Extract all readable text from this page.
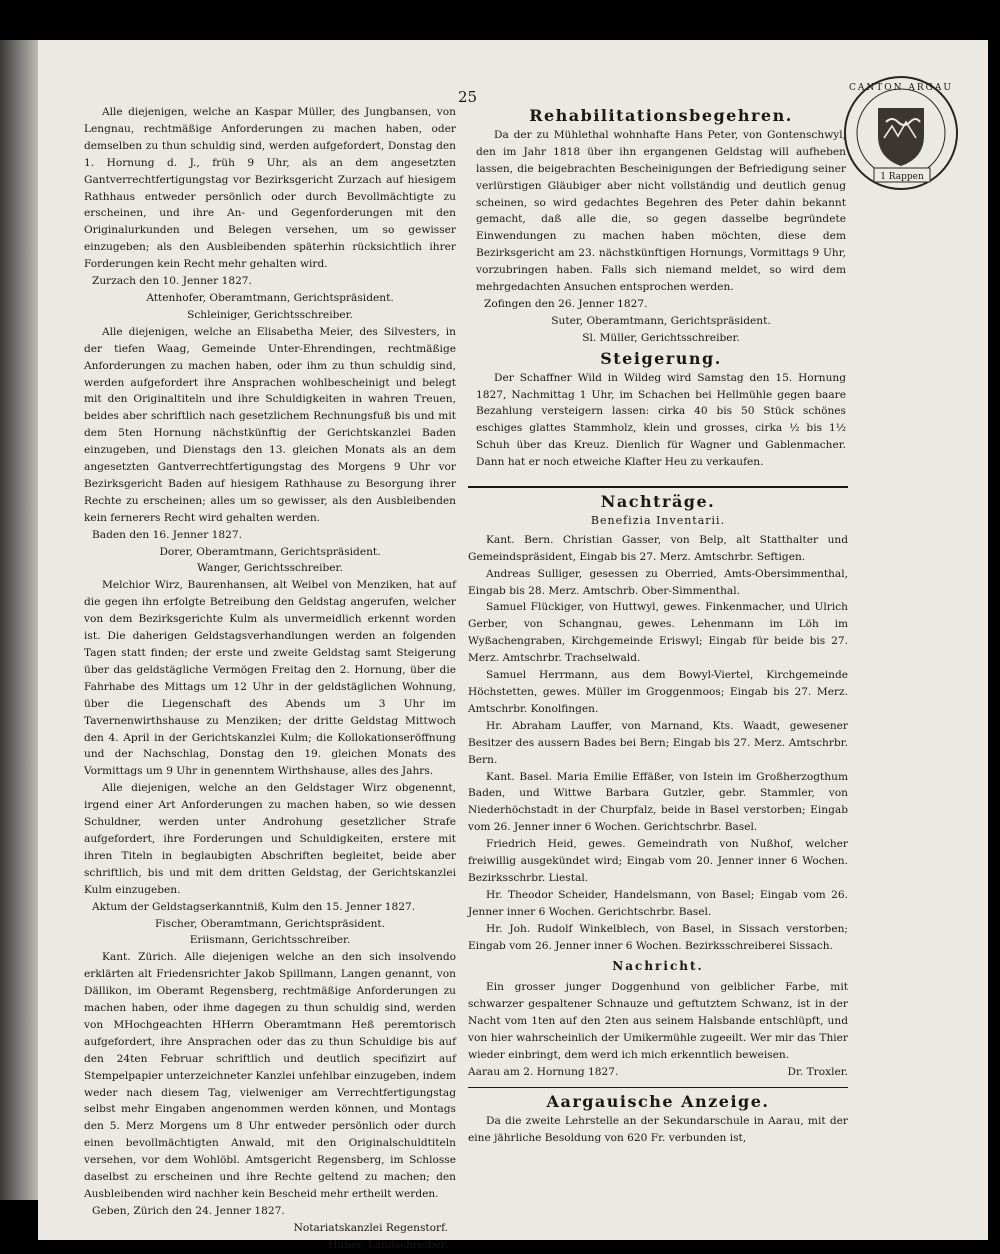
25
1 Rappen
CANTON ARGAU

Alle diejenigen, welche an Kaspar Müller, des Jungbansen, von Lengnau, rechtmäßige Anforderungen zu machen haben, oder demselben zu thun schuldig sind, werden aufgefordert, Donstag den 1. Hornung d. J., früh 9 Uhr, als an dem angesetzten Gantverrechtfertigungstag vor Bezirksgericht Zurzach auf hiesigem Rathhaus entweder persönlich oder durch Bevollmächtigte zu erscheinen, und ihre An- und Gegenforderungen mit den Originalurkunden und Belegen versehen, um so gewisser einzugeben; als den Ausbleibenden späterhin rücksichtlich ihrer Forderungen kein Recht mehr gehalten wird.

Zurzach den 10. Jenner 1827.

Attenhofer, Oberamtmann, Gerichtspräsident.

Schleiniger, Gerichtsschreiber.

Alle diejenigen, welche an Elisabetha Meier, des Silvesters, in der tiefen Waag, Gemeinde Unter-Ehrendingen, rechtmäßige Anforderungen zu machen haben, oder ihm zu thun schuldig sind, werden aufgefordert ihre Ansprachen wohlbescheinigt und belegt mit den Originaltiteln und ihre Schuldigkeiten in wahren Treuen, beides aber schriftlich nach gesetzlichem Rechnungsfuß bis und mit dem 5ten Hornung nächstkünftig der Gerichtskanzlei Baden einzugeben, und Dienstags den 13. gleichen Monats als an dem angesetzten Gantverrechtfertigungstag des Morgens 9 Uhr vor Bezirksgericht Baden auf hiesigem Rathhause zu Besorgung ihrer Rechte zu erscheinen; alles um so gewisser, als den Ausbleibenden kein fernerers Recht wird gehalten werden.

Baden den 16. Jenner 1827.

Dorer, Oberamtmann, Gerichtspräsident.

Wanger, Gerichtsschreiber.

Melchior Wirz, Baurenhansen, alt Weibel von Menziken, hat auf die gegen ihn erfolgte Betreibung den Geldstag angerufen, welcher von dem Bezirksgerichte Kulm als unvermeidlich erkennt worden ist. Die daherigen Geldstagsverhandlungen werden an folgenden Tagen statt finden; der erste und zweite Geldstag samt Steigerung über das geldstägliche Vermögen Freitag den 2. Hornung, über die Fahrhabe des Mittags um 12 Uhr in der geldstäglichen Wohnung, über die Liegenschaft des Abends um 3 Uhr im Tavernenwirthshause zu Menziken; der dritte Geldstag Mittwoch den 4. April in der Gerichtskanzlei Kulm; die Kollokationseröffnung und der Nachschlag, Donstag den 19. gleichen Monats des Vormittags um 9 Uhr in genenntem Wirthshause, alles des Jahrs.

Alle diejenigen, welche an den Geldstager Wirz obgenennt, irgend einer Art Anforderungen zu machen haben, so wie dessen Schuldner, werden unter Androhung gesetzlicher Strafe aufgefordert, ihre Forderungen und Schuldigkeiten, erstere mit ihren Titeln in beglaubigten Abschriften begleitet, beide aber schriftlich, bis und mit dem dritten Geldstag, der Gerichtskanzlei Kulm einzugeben.

Aktum der Geldstagserkanntniß, Kulm den 15. Jenner 1827.

Fischer, Oberamtmann, Gerichtspräsident.

Eriismann, Gerichtsschreiber.

Kant. Zürich. Alle diejenigen welche an den sich insolvendo erklärten alt Friedensrichter Jakob Spillmann, Langen genannt, von Dällikon, im Oberamt Regensberg, rechtmäßige Anforderungen zu machen haben, oder ihme dagegen zu thun schuldig sind, werden von MHochgeachten HHerrn Oberamtmann Heß peremtorisch aufgefordert, ihre Ansprachen oder das zu thun Schuldige bis auf den 24ten Februar schriftlich und deutlich specifizirt auf Stempelpapier unterzeichneter Kanzlei unfehlbar einzugeben, indem weder nach diesem Tag, vielweniger am Verrechtfertigungstag selbst mehr Eingaben angenommen werden können, und Montags den 5. Merz Morgens um 8 Uhr entweder persönlich oder durch einen bevollmächtigten Anwald, mit den Originalschuldtiteln versehen, vor dem Wohlöbl. Amtsgericht Regensberg, im Schlosse daselbst zu erscheinen und ihre Rechte geltend zu machen; den Ausbleibenden wird nachher kein Bescheid mehr ertheilt werden.

Geben, Zürich den 24. Jenner 1827.

Notariatskanzlei Regenstorf.

Huber, Landschreiber.

Rehabilitationsbegehren.

Da der zu Mühlethal wohnhafte Hans Peter, von Gontenschwyl, den im Jahr 1818 über ihn ergangenen Geldstag will aufheben lassen, die beigebrachten Bescheinigungen der Befriedigung seiner verlürstigen Gläubiger aber nicht vollständig und deutlich genug scheinen, so wird gedachtes Begehren des Peter dahin bekannt gemacht, daß alle die, so gegen dasselbe begründete Einwendungen zu machen haben möchten, diese dem Bezirksgericht am 23. nächstkünftigen Hornungs, Vormittags 9 Uhr, vorzubringen haben. Falls sich niemand meldet, so wird dem mehrgedachten Ansuchen entsprochen werden.

Zofingen den 26. Jenner 1827.

Suter, Oberamtmann, Gerichtspräsident.

Sl. Müller, Gerichtsschreiber.

Steigerung.

Der Schaffner Wild in Wildeg wird Samstag den 15. Hornung 1827, Nachmittag 1 Uhr, im Schachen bei Hellmühle gegen baare Bezahlung versteigern lassen: cirka 40 bis 50 Stück schönes eschiges glattes Stammholz, klein und grosses, cirka ½ bis 1½ Schuh über das Kreuz. Dienlich für Wagner und Gablenmacher. Dann hat er noch etweiche Klafter Heu zu verkaufen.

Nachträge.
Benefizia Inventarii.

Kant. Bern. Christian Gasser, von Belp, alt Statthalter und Gemeindspräsident, Eingab bis 27. Merz. Amtschrbr. Seftigen.

Andreas Sulliger, gesessen zu Oberried, Amts-Obersimmenthal, Eingab bis 28. Merz. Amtschrb. Ober-Simmenthal.

Samuel Flückiger, von Huttwyl, gewes. Finkenmacher, und Ulrich Gerber, von Schangnau, gewes. Lehenmann im Löh im Wyßachengraben, Kirchgemeinde Eriswyl; Eingab für beide bis 27. Merz. Amtschrbr. Trachselwald.

Samuel Herrmann, aus dem Bowyl-Viertel, Kirchgemeinde Höchstetten, gewes. Müller im Groggenmoos; Eingab bis 27. Merz. Amtschrbr. Konolfingen.

Hr. Abraham Lauffer, von Marnand, Kts. Waadt, gewesener Besitzer des aussern Bades bei Bern; Eingab bis 27. Merz. Amtschrbr. Bern.

Kant. Basel. Maria Emilie Effäßer, von Istein im Großherzogthum Baden, und Wittwe Barbara Gutzler, gebr. Stammler, von Niederhöchstadt in der Churpfalz, beide in Basel verstorben; Eingab vom 26. Jenner inner 6 Wochen. Gerichtschrbr. Basel.

Friedrich Heid, gewes. Gemeindrath von Nußhof, welcher freiwillig ausgekündet wird; Eingab vom 20. Jenner inner 6 Wochen. Bezirksschrbr. Liestal.

Hr. Theodor Scheider, Handelsmann, von Basel; Eingab vom 26. Jenner inner 6 Wochen. Gerichtschrbr. Basel.

Hr. Joh. Rudolf Winkelblech, von Basel, in Sissach verstorben; Eingab vom 26. Jenner inner 6 Wochen. Bezirksschreiberei Sissach.

Nachricht.

Ein grosser junger Doggenhund von gelblicher Farbe, mit schwarzer gespaltener Schnauze und geftutztem Schwanz, ist in der Nacht vom 1ten auf den 2ten aus seinem Halsbande entschlüpft, und von hier wahrscheinlich der Umikermühle zugeeilt. Wer mir das Thier wieder einbringt, dem werd ich mich erkenntlich beweisen.

Aarau am 2. Hornung 1827.	Dr. Troxler.
Aargauische Anzeige.

Da die zweite Lehrstelle an der Sekundarschule in Aarau, mit der eine jährliche Besoldung von 620 Fr. verbunden ist,
